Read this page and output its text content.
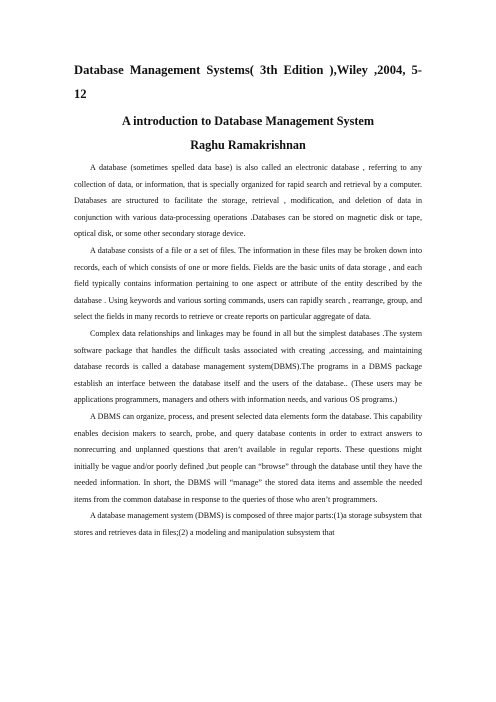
Database Management Systems( 3th Edition ),Wiley ,2004, 5-12

A introduction to Database Management System

Raghu Ramakrishnan

A database (sometimes spelled data base) is also called an electronic database , referring to any collection of data, or information, that is specially organized for rapid search and retrieval by a computer. Databases are structured to facilitate the storage, retrieval , modification, and deletion of data in conjunction with various data-processing operations .Databases can be stored on magnetic disk or tape, optical disk, or some other secondary storage device.

A database consists of a file or a set of files. The information in these files may be broken down into records, each of which consists of one or more fields. Fields are the basic units of data storage , and each field typically contains information pertaining to one aspect or attribute of the entity described by the database . Using keywords and various sorting commands, users can rapidly search , rearrange, group, and select the fields in many records to retrieve or create reports on particular aggregate of data.

Complex data relationships and linkages may be found in all but the simplest databases .The system software package that handles the difficult tasks associated with creating ,accessing, and maintaining database records is called a database management system(DBMS).The programs in a DBMS package establish an interface between the database itself and the users of the database.. (These users may be applications programmers, managers and others with information needs, and various OS programs.)

A DBMS can organize, process, and present selected data elements form the database. This capability enables decision makers to search, probe, and query database contents in order to extract answers to nonrecurring and unplanned questions that aren’t available in regular reports. These questions might initially be vague and/or poorly defined ,but people can “browse” through the database until they have the needed information. In short, the DBMS will “manage” the stored data items and assemble the needed items from the common database in response to the queries of those who aren’t programmers.

A database management system (DBMS) is composed of three major parts:(1)a storage subsystem that stores and retrieves data in files;(2) a modeling and manipulation subsystem that
